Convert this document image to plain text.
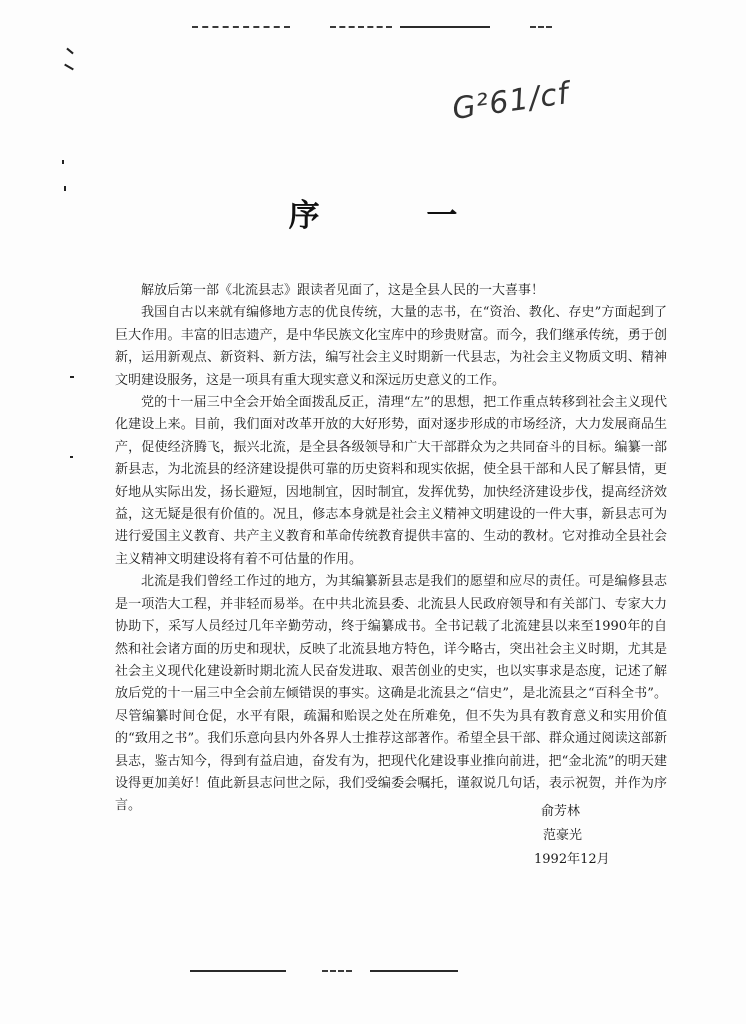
G²61/cf
序 一

解放后第一部《北流县志》跟读者见面了，这是全县人民的一大喜事！

我国自古以来就有编修地方志的优良传统，大量的志书，在“资治、教化、存史”方面起到了巨大作用。丰富的旧志遗产，是中华民族文化宝库中的珍贵财富。而今，我们继承传统，勇于创新，运用新观点、新资料、新方法，编写社会主义时期新一代县志，为社会主义物质文明、精神文明建设服务，这是一项具有重大现实意义和深远历史意义的工作。

党的十一届三中全会开始全面拨乱反正，清理“左”的思想，把工作重点转移到社会主义现代化建设上来。目前，我们面对改革开放的大好形势，面对逐步形成的市场经济，大力发展商品生产，促使经济腾飞，振兴北流，是全县各级领导和广大干部群众为之共同奋斗的目标。编纂一部新县志，为北流县的经济建设提供可靠的历史资料和现实依据，使全县干部和人民了解县情，更好地从实际出发，扬长避短，因地制宜，因时制宜，发挥优势，加快经济建设步伐，提高经济效益，这无疑是很有价值的。况且，修志本身就是社会主义精神文明建设的一件大事，新县志可为进行爱国主义教育、共产主义教育和革命传统教育提供丰富的、生动的教材。它对推动全县社会主义精神文明建设将有着不可估量的作用。

北流是我们曾经工作过的地方，为其编纂新县志是我们的愿望和应尽的责任。可是编修县志是一项浩大工程，并非轻而易举。在中共北流县委、北流县人民政府领导和有关部门、专家大力协助下，采写人员经过几年辛勤劳动，终于编纂成书。全书记载了北流建县以来至1990年的自然和社会诸方面的历史和现状，反映了北流县地方特色，详今略古，突出社会主义时期，尤其是社会主义现代化建设新时期北流人民奋发进取、艰苦创业的史实，也以实事求是态度，记述了解放后党的十一届三中全会前左倾错误的事实。这确是北流县之“信史”，是北流县之“百科全书”。尽管编纂时间仓促，水平有限，疏漏和贻误之处在所难免，但不失为具有教育意义和实用价值的“致用之书”。我们乐意向县内外各界人士推荐这部著作。希望全县干部、群众通过阅读这部新县志，鉴古知今，得到有益启迪，奋发有为，把现代化建设事业推向前进，把“金北流”的明天建设得更加美好！值此新县志问世之际，我们受编委会嘱托，谨叙说几句话，表示祝贺，并作为序言。	俞芳林
范豪光
1992年12月
